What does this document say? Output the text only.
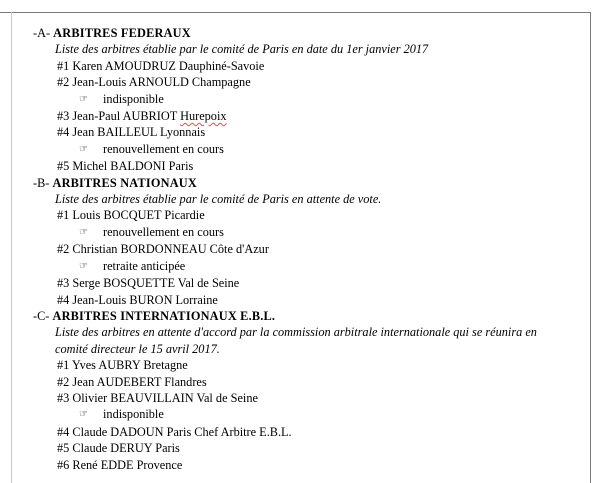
-A- ARBITRES FEDERAUX
Liste des arbitres établie par le comité de Paris en date du 1er janvier 2017
#1 Karen AMOUDRUZ Dauphiné-Savoie
#2 Jean-Louis ARNOULD Champagne
☞ indisponible
#3 Jean-Paul AUBRIOT Hurepoix
#4 Jean BAILLEUL Lyonnais
☞ renouvellement en cours
#5 Michel BALDONI Paris
-B- ARBITRES NATIONAUX
Liste des arbitres établie par le comité de Paris en attente de vote.
#1 Louis BOCQUET Picardie
☞ renouvellement en cours
#2 Christian BORDONNEAU Côte d'Azur
☞ retraite anticipée
#3 Serge BOSQUETTE Val de Seine
#4 Jean-Louis BURON Lorraine
-C- ARBITRES INTERNATIONAUX E.B.L.
Liste des arbitres en attente d'accord par la commission arbitrale internationale qui se réunira en comité directeur le 15 avril 2017.
#1 Yves AUBRY Bretagne
#2 Jean AUDEBERT Flandres
#3 Olivier BEAUVILLAIN Val de Seine
☞ indisponible
#4 Claude DADOUN Paris Chef Arbitre E.B.L.
#5 Claude DERUY Paris
#6 René EDDE Provence
